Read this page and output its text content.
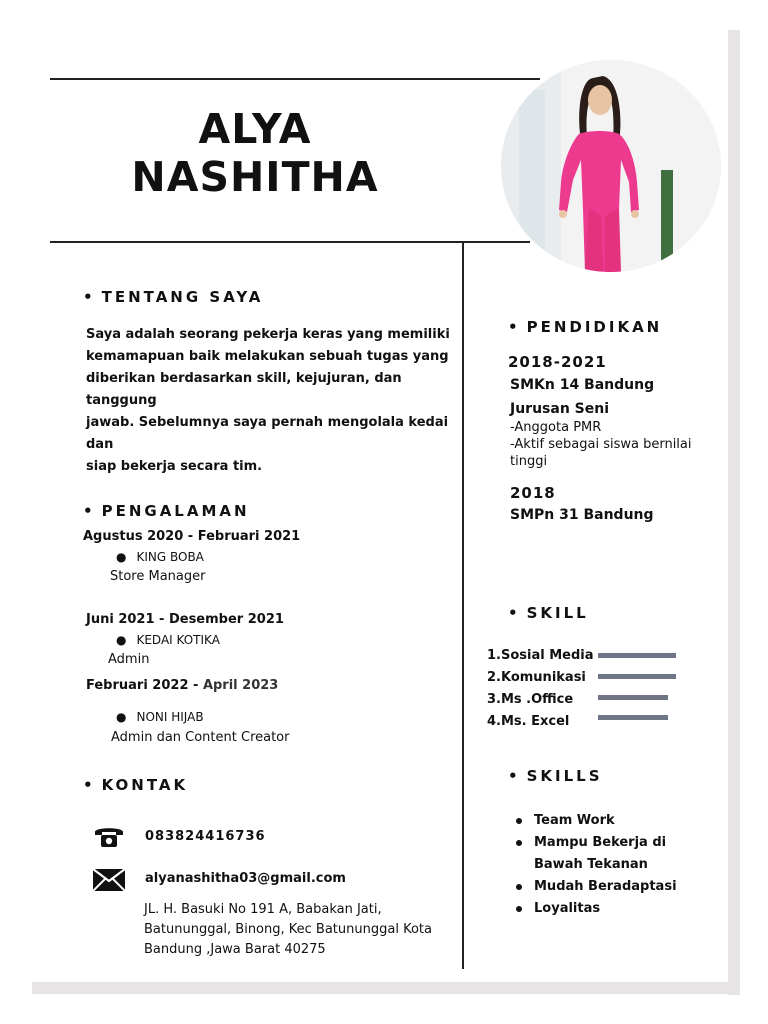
ALYA
NASHITHA
• TENTANG SAYA
Saya adalah seorang pekerja keras yang memiliki
kemamapuan baik melakukan sebuah tugas yang
diberikan berdasarkan skill, kejujuran, dan tanggung
jawab. Sebelumnya saya pernah mengolala kedai dan
siap bekerja secara tim.
• PENGALAMAN
Agustus 2020 - Februari 2021
● KING BOBA
Store Manager
Juni 2021 - Desember 2021
● KEDAI KOTIKA
Admin
Februari 2022 - April 2023
● NONI HIJAB
Admin dan Content Creator
• KONTAK
083824416736
alyanashitha03@gmail.com
JL. H. Basuki No 191 A, Babakan Jati,
Batununggal, Binong, Kec Batununggal Kota
Bandung ,Jawa Barat 40275
• PENDIDIKAN
2018-2021
SMKn 14 Bandung
Jurusan Seni
-Anggota PMR
-Aktif sebagai siswa bernilai
tinggi
2018
SMPn 31 Bandung
• SKILL
1.Sosial Media
2.Komunikasi
3.Ms .Office
4.Ms. Excel
• SKILLS
Team Work
Mampu Bekerja di
Bawah Tekanan
Mudah Beradaptasi
Loyalitas
